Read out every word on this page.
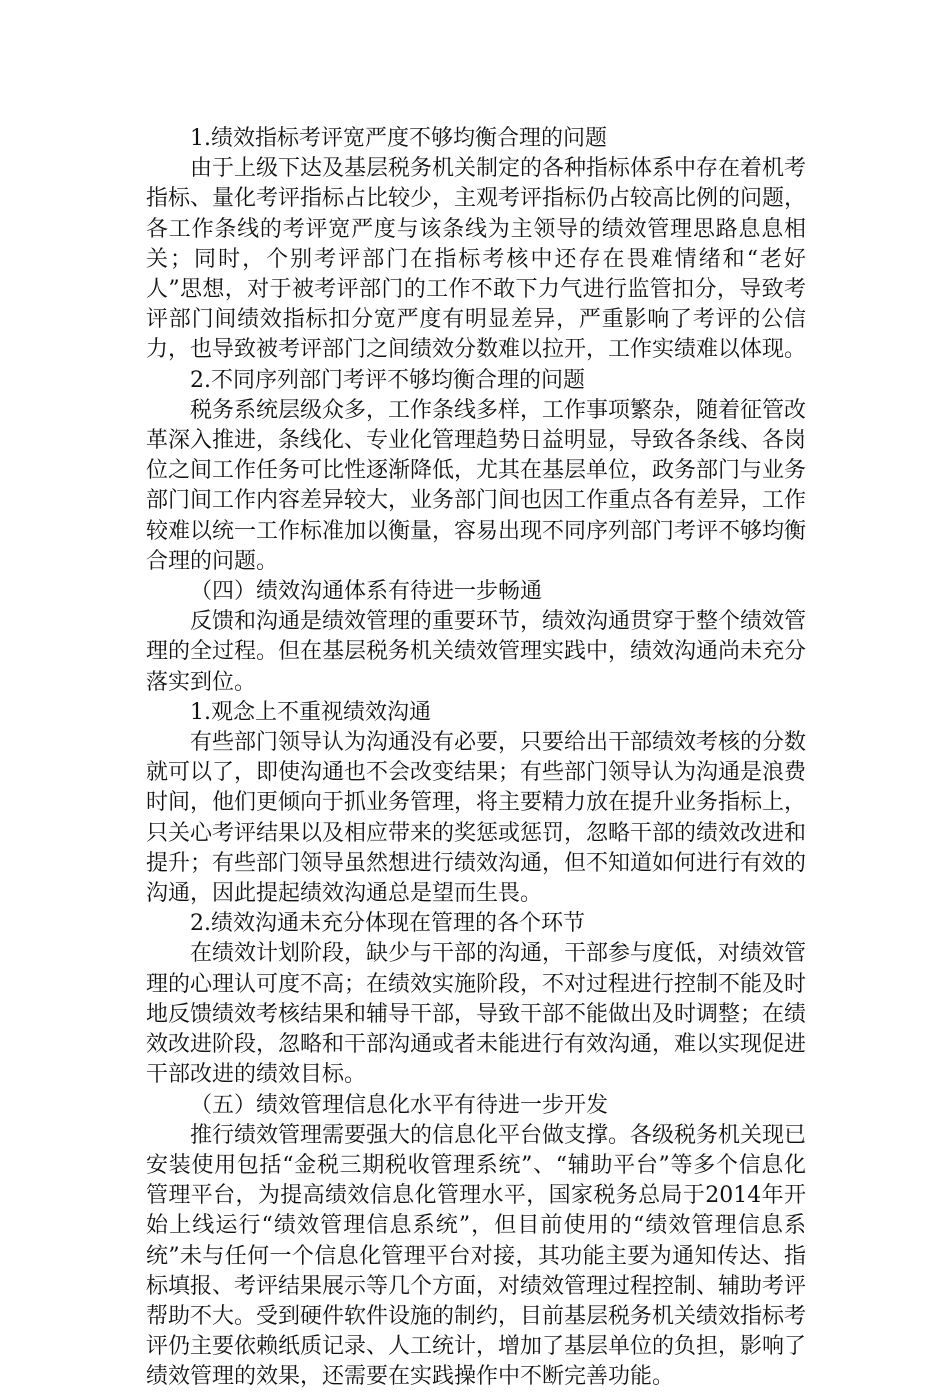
1.绩效指标考评宽严度不够均衡合理的问题

由于上级下达及基层税务机关制定的各种指标体系中存在着机考指标、量化考评指标占比较少，主观考评指标仍占较高比例的问题，各工作条线的考评宽严度与该条线为主领导的绩效管理思路息息相关；同时，个别考评部门在指标考核中还存在畏难情绪和“老好人”思想，对于被考评部门的工作不敢下力气进行监管扣分，导致考评部门间绩效指标扣分宽严度有明显差异，严重影响了考评的公信力，也导致被考评部门之间绩效分数难以拉开，工作实绩难以体现。

2.不同序列部门考评不够均衡合理的问题

税务系统层级众多，工作条线多样，工作事项繁杂，随着征管改革深入推进，条线化、专业化管理趋势日益明显，导致各条线、各岗位之间工作任务可比性逐渐降低，尤其在基层单位，政务部门与业务部门间工作内容差异较大，业务部门间也因工作重点各有差异，工作较难以统一工作标准加以衡量，容易出现不同序列部门考评不够均衡合理的问题。

（四）绩效沟通体系有待进一步畅通

反馈和沟通是绩效管理的重要环节，绩效沟通贯穿于整个绩效管理的全过程。但在基层税务机关绩效管理实践中，绩效沟通尚未充分落实到位。

1.观念上不重视绩效沟通

有些部门领导认为沟通没有必要，只要给出干部绩效考核的分数就可以了，即使沟通也不会改变结果；有些部门领导认为沟通是浪费时间，他们更倾向于抓业务管理，将主要精力放在提升业务指标上，只关心考评结果以及相应带来的奖惩或惩罚，忽略干部的绩效改进和提升；有些部门领导虽然想进行绩效沟通，但不知道如何进行有效的沟通，因此提起绩效沟通总是望而生畏。

2.绩效沟通未充分体现在管理的各个环节

在绩效计划阶段，缺少与干部的沟通，干部参与度低，对绩效管理的心理认可度不高；在绩效实施阶段，不对过程进行控制不能及时地反馈绩效考核结果和辅导干部，导致干部不能做出及时调整；在绩效改进阶段，忽略和干部沟通或者未能进行有效沟通，难以实现促进干部改进的绩效目标。

（五）绩效管理信息化水平有待进一步开发

推行绩效管理需要强大的信息化平台做支撑。各级税务机关现已安装使用包括“金税三期税收管理系统”、“辅助平台”等多个信息化管理平台，为提高绩效信息化管理水平，国家税务总局于2014年开始上线运行“绩效管理信息系统”，但目前使用的“绩效管理信息系统”未与任何一个信息化管理平台对接，其功能主要为通知传达、指标填报、考评结果展示等几个方面，对绩效管理过程控制、辅助考评帮助不大。受到硬件软件设施的制约，目前基层税务机关绩效指标考评仍主要依赖纸质记录、人工统计，增加了基层单位的负担，影响了绩效管理的效果，还需要在实践操作中不断完善功能。
